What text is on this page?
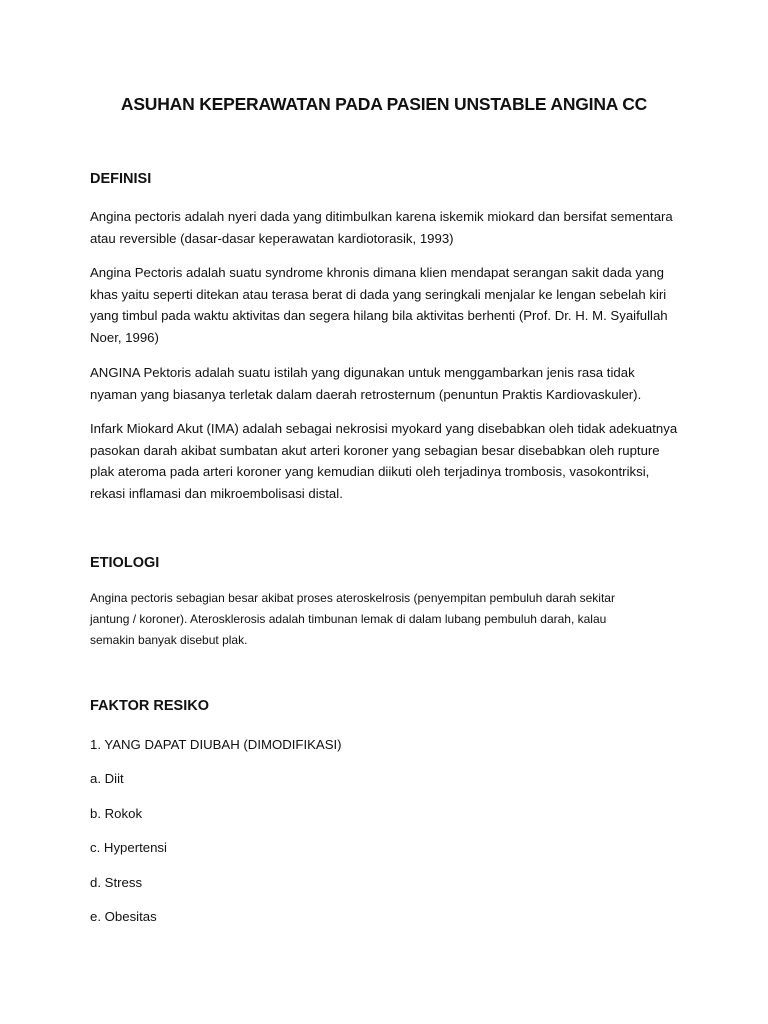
ASUHAN KEPERAWATAN PADA PASIEN UNSTABLE ANGINA CC
DEFINISI

Angina pectoris adalah nyeri dada yang ditimbulkan karena iskemik miokard dan bersifat sementara atau reversible (dasar-dasar keperawatan kardiotorasik, 1993)

Angina Pectoris adalah suatu syndrome khronis dimana klien mendapat serangan sakit dada yang khas yaitu seperti ditekan atau terasa berat di dada yang seringkali menjalar ke lengan sebelah kiri yang timbul pada waktu aktivitas dan segera hilang bila aktivitas berhenti (Prof. Dr. H. M. Syaifullah Noer, 1996)

ANGINA Pektoris adalah suatu istilah yang digunakan untuk menggambarkan jenis rasa tidak nyaman yang biasanya terletak dalam daerah retrosternum (penuntun Praktis Kardiovaskuler).

Infark Miokard Akut (IMA) adalah sebagai nekrosisi myokard yang disebabkan oleh tidak adekuatnya pasokan darah akibat sumbatan akut arteri koroner yang sebagian besar disebabkan oleh rupture plak ateroma pada arteri koroner yang kemudian diikuti oleh terjadinya trombosis, vasokontriksi, rekasi inflamasi dan mikroembolisasi distal.

ETIOLOGI

Angina pectoris sebagian besar akibat proses ateroskelrosis (penyempitan pembuluh darah sekitar jantung / koroner). Aterosklerosis adalah timbunan lemak di dalam lubang pembuluh darah, kalau semakin banyak disebut plak.

FAKTOR RESIKO

1. YANG DAPAT DIUBAH (DIMODIFIKASI)

a. Diit

b. Rokok

c. Hypertensi

d. Stress

e. Obesitas
